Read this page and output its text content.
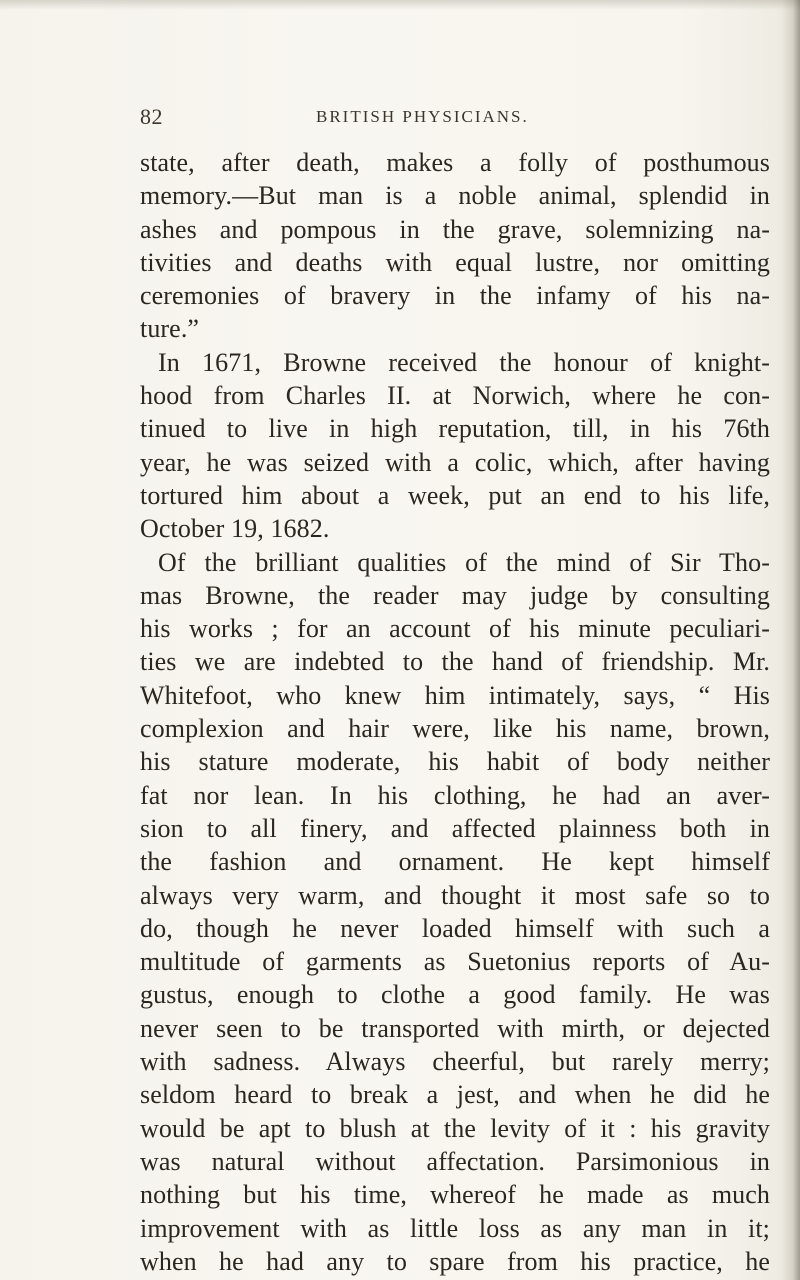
82	BRITISH PHYSICIANS.
state, after death, makes a folly of posthumous
memory.—But man is a noble animal, splendid in
ashes and pompous in the grave, solemnizing na-
tivities and deaths with equal lustre, nor omitting
ceremonies of bravery in the infamy of his na-
ture.”
In 1671, Browne received the honour of knight-
hood from Charles II. at Norwich, where he con-
tinued to live in high reputation, till, in his 76th
year, he was seized with a colic, which, after having
tortured him about a week, put an end to his life,
October 19, 1682.
Of the brilliant qualities of the mind of Sir Tho-
mas Browne, the reader may judge by consulting
his works ; for an account of his minute peculiari-
ties we are indebted to the hand of friendship. Mr.
Whitefoot, who knew him intimately, says, “ His
complexion and hair were, like his name, brown,
his stature moderate, his habit of body neither
fat nor lean. In his clothing, he had an aver-
sion to all finery, and affected plainness both in
the fashion and ornament. He kept himself
always very warm, and thought it most safe so to
do, though he never loaded himself with such a
multitude of garments as Suetonius reports of Au-
gustus, enough to clothe a good family. He was
never seen to be transported with mirth, or dejected
with sadness. Always cheerful, but rarely merry;
seldom heard to break a jest, and when he did he
would be apt to blush at the levity of it : his gravity
was natural without affectation. Parsimonious in
nothing but his time, whereof he made as much
improvement with as little loss as any man in it;
when he had any to spare from his practice, he
